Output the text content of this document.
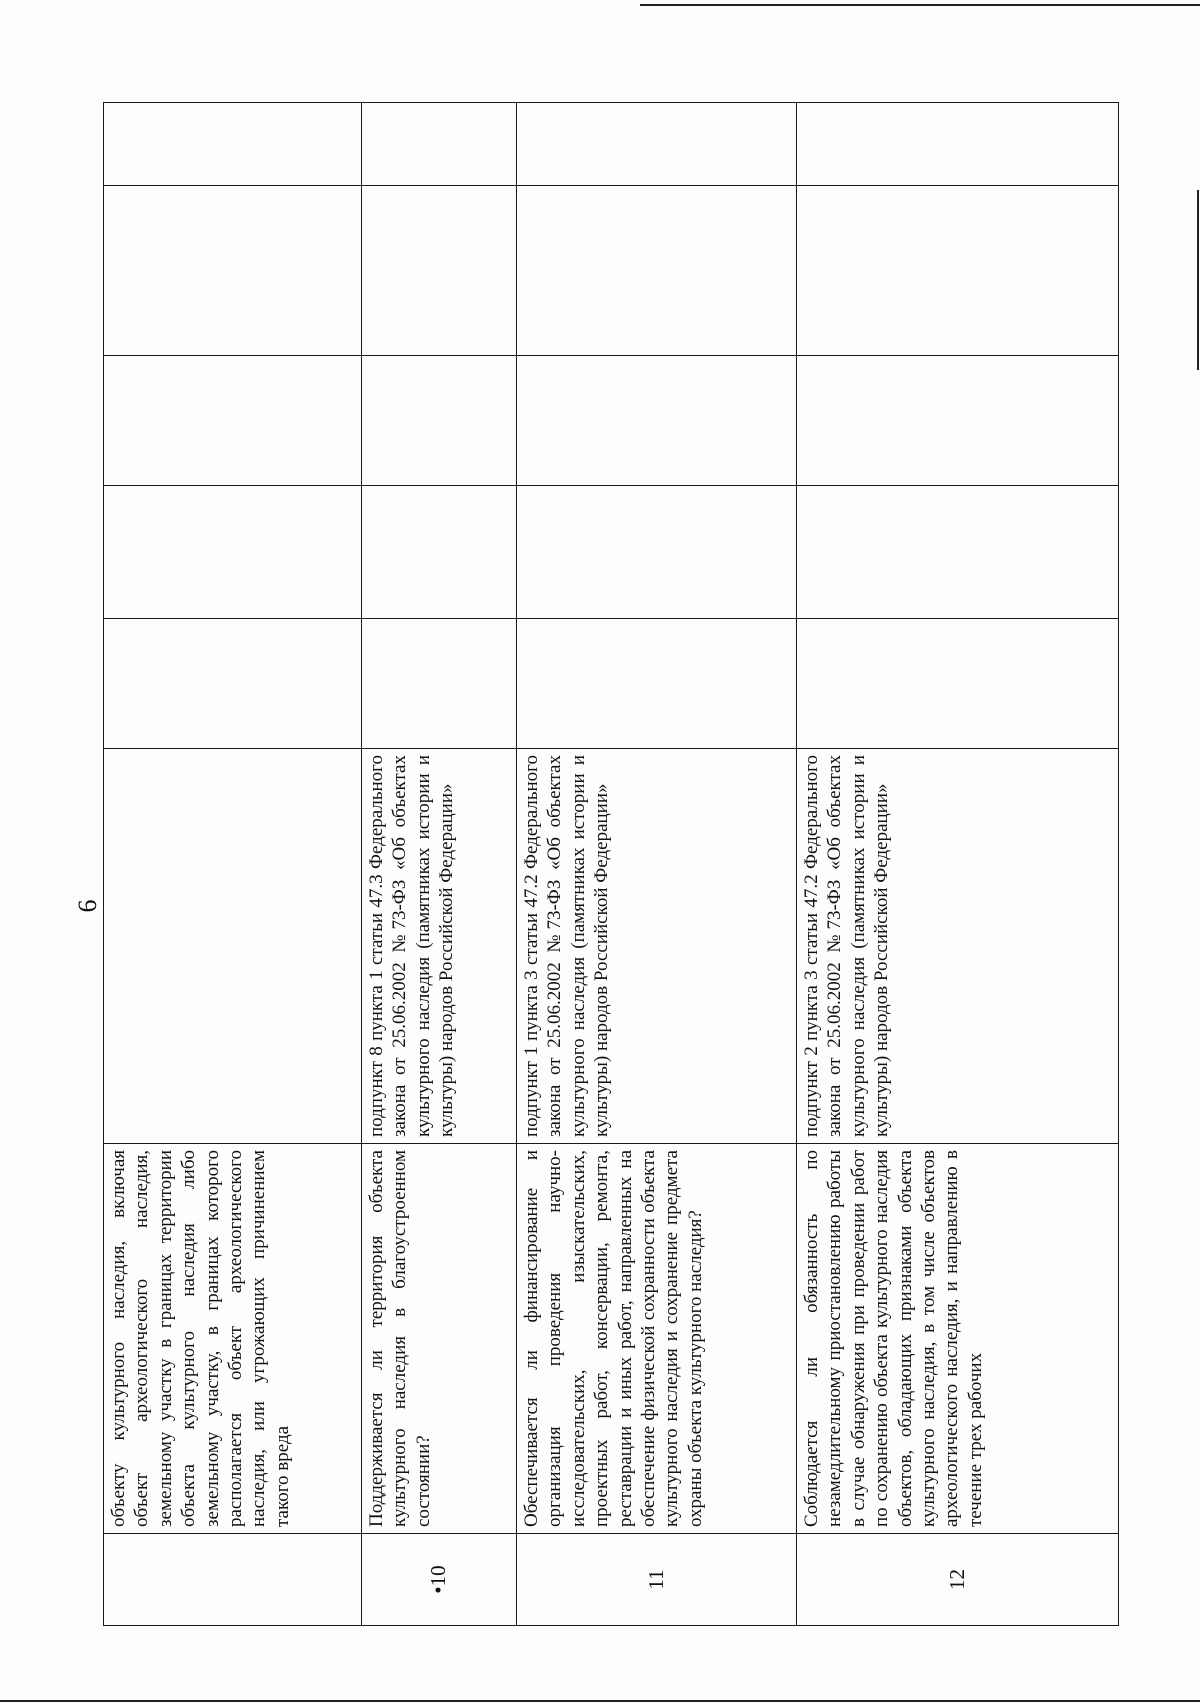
6
	объекту культурного наследия, включая объект археологического наследия, земельному участку в границах территории объекта культурного наследия либо земельному участку, в границах которого располагается объект археологического наследия, или угрожающих причинением такого вреда						
•10	Поддерживается ли территория объекта культурного наследия в благоустроенном состоянии?	подпункт 8 пункта 1 статьи 47.3 Федерального закона от 25.06.2002 №73-ФЗ «Об объектах культурного наследия (памятниках истории и культуры) народов Российской Федерации»					
11	Обеспечивается ли финансирование и организация проведения научно-исследовательских, изыскательских, проектных работ, консервации, ремонта, реставрации и иных работ, направленных на обеспечение физической сохранности объекта культурного наследия и сохранение предмета охраны объекта культурного наследия?	подпункт 1 пункта 3 статьи 47.2 Федерального закона от 25.06.2002 №73-ФЗ «Об объектах культурного наследия (памятниках истории и культуры) народов Российской Федерации»					
12	Соблюдается ли обязанность по незамедлительному приостановлению работы в случае обнаружения при проведении работ по сохранению объекта культурного наследия объектов, обладающих признаками объекта культурного наследия, в том числе объектов археологического наследия, и направлению в течение трех рабочих	подпункт 2 пункта 3 статьи 47.2 Федерального закона от 25.06.2002 №73-ФЗ «Об объектах культурного наследия (памятниках истории и культуры) народов Российской Федерации»					
